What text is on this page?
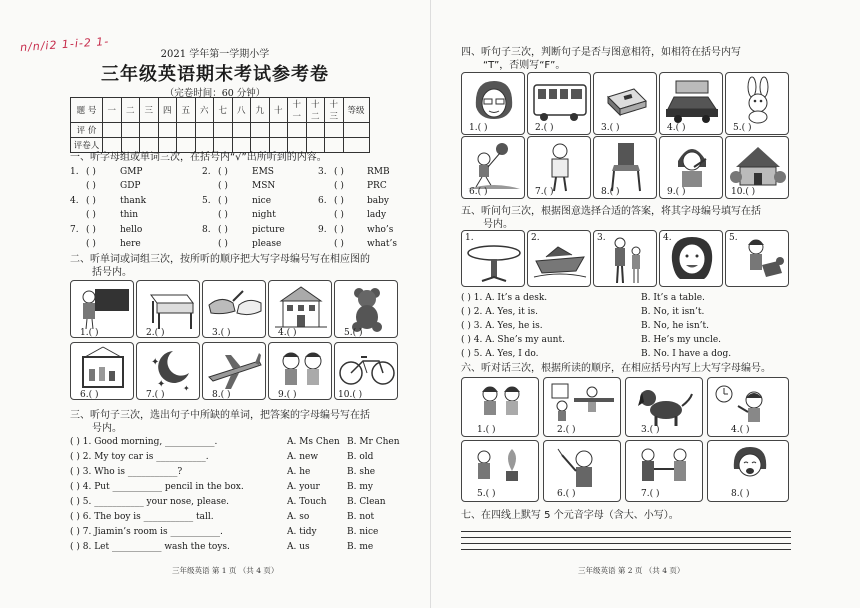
n/n/i2 1-i-2 1-
2021 学年第一学期小学
三年级英语期末考试参考卷
（完卷时间：60 分钟）
题 号	一	二	三	四	五	六	七	八	九	十	十一	十二	十三	等级
评 价														
评卷人														
一、听字母组或单词三次，在括号内“√”出所听到的内容。
1. ( )	GMP
( )	GDP
2. ( )	EMS
( )	MSN
3. ( )	RMB
( )	PRC
4. ( )	thank
( )	thin
5. ( )	nice
( )	night
6. ( )	baby
( )	lady
7. ( )	hello
( )	here
8. ( )	picture
( )	please
9. ( )	who’s
( )	what’s
二、听单词或词组三次，按所听的顺序把大写字母编号写在相应图的
括号内。
1.( )	2.( )	3.( )	4.( )	5.( )
✦
✦ ✦
6.( )	7.( )	8.( )	9.( )	10.( )
三、听句子三次，选出句子中所缺的单词，把答案的字母编号写在括
号内。
( ) 1. Good morning, ___________.	A. Ms Chen B. Mr Chen
( ) 2. My toy car is ___________.	A. new	B. old
( ) 3. Who is ___________?	A. he	B. she
( ) 4. Put ___________ pencil in the box.	A. your	B. my
( ) 5. ___________ your nose, please.	A. Touch B. Clean
( ) 6. The boy is ___________ tall.	A. so	B. not
( ) 7. Jiamin’s room is ___________.	A. tidy	B. nice
( ) 8. Let ___________ wash the toys.	A. us	B. me
三年级英语 第 1 页 （共 4 页）
四、听句子三次，判断句子是否与图意相符，如相符在括号内写
“T”，否则写“F”。
1.( )	2.( )	3.( )	4.( )	5.( )
6.( )	7.( )	8.( )	9.( )	10.( )
五、听问句三次，根据图意选择合适的答案，将其字母编号填写在括
号内。
1.	2.	3.	4.	5.
( ) 1. A. It’s a desk.	B. It’s a table.
( ) 2. A. Yes, it is.	B. No, it isn’t.
( ) 3. A. Yes, he is.	B. No, he isn’t.
( ) 4. A. She’s my aunt.	B. He’s my uncle.
( ) 5. A. Yes, I do.	B. No. I have a dog.
六、听对话三次，根据所读的顺序，在相应括号内写上大写字母编号。
1.( )	2.( )	3.( )	4.( )
5.( )	6.( )	7.( )	8.( )
七、在四线上默写 5 个元音字母（含大、小写）。
三年级英语 第 2 页 （共 4 页）
